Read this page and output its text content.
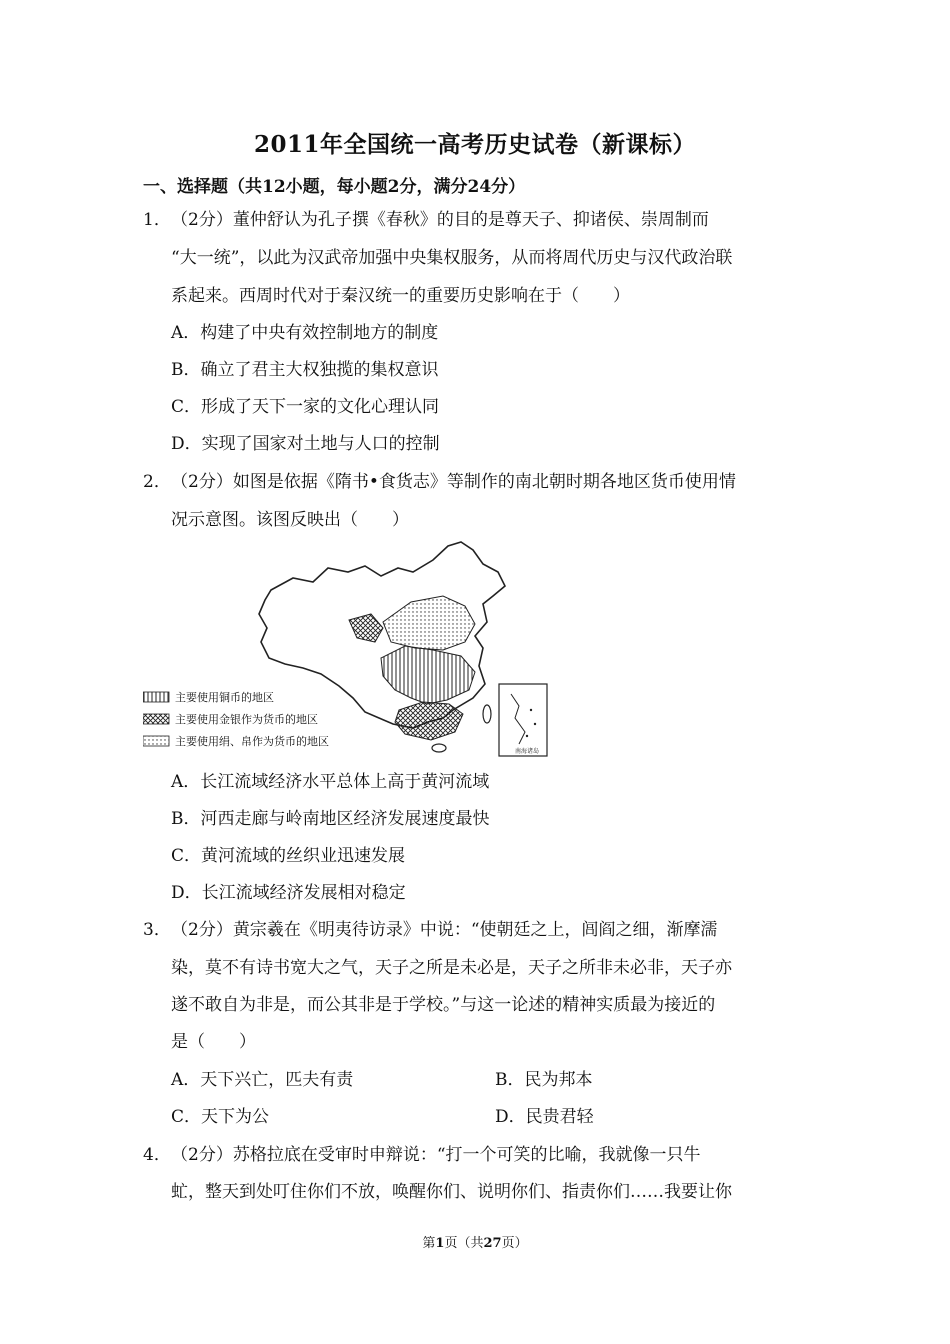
2011年全国统一高考历史试卷（新课标）
一、选择题（共12小题，每小题2分，满分24分）
1．（2分）董仲舒认为孔子撰《春秋》的目的是尊天子、抑诸侯、崇周制而
“大一统”，以此为汉武帝加强中央集权服务，从而将周代历史与汉代政治联
系起来。西周时代对于秦汉统一的重要历史影响在于（　　）
A．构建了中央有效控制地方的制度
B．确立了君主大权独揽的集权意识
C．形成了天下一家的文化心理认同
D．实现了国家对土地与人口的控制
2．（2分）如图是依据《隋书•食货志》等制作的南北朝时期各地区货币使用情
况示意图。该图反映出（　　）
南海诸岛
主要使用铜币的地区
主要使用金银作为货币的地区
主要使用绢、帛作为货币的地区
A．长江流域经济水平总体上高于黄河流域
B．河西走廊与岭南地区经济发展速度最快
C．黄河流域的丝织业迅速发展
D．长江流域经济发展相对稳定
3．（2分）黄宗羲在《明夷待访录》中说：“使朝廷之上，闾阎之细，渐摩濡
染，莫不有诗书宽大之气，天子之所是未必是，天子之所非未必非，天子亦
遂不敢自为非是，而公其非是于学校。”与这一论述的精神实质最为接近的
是（　　）
A．天下兴亡，匹夫有责	B．民为邦本
C．天下为公	D．民贵君轻
4．（2分）苏格拉底在受审时申辩说：“打一个可笑的比喻，我就像一只牛
虻，整天到处叮住你们不放，唤醒你们、说明你们、指责你们……我要让你
第1页（共27页）
